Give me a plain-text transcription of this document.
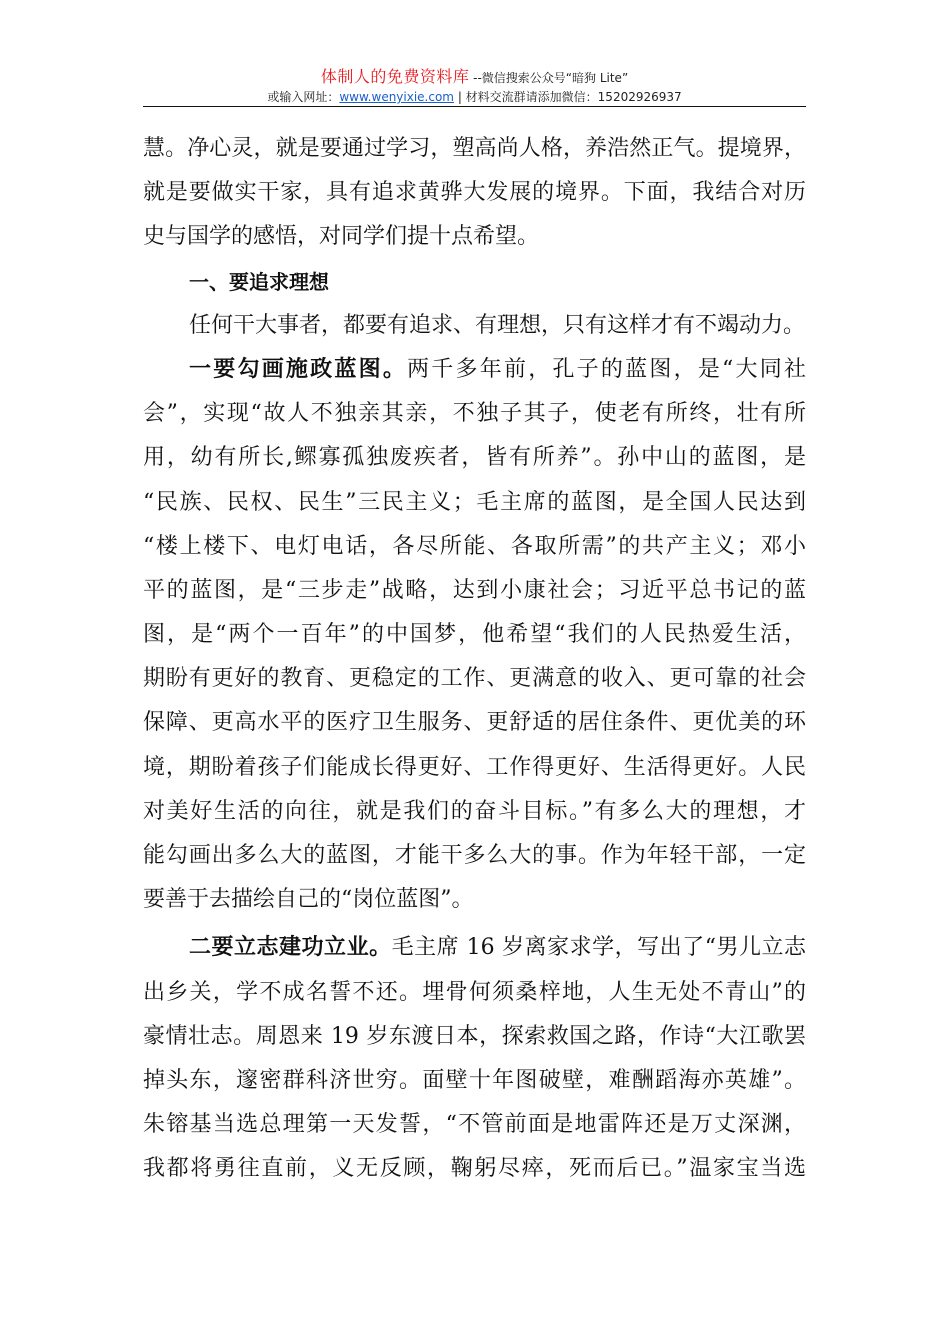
体制人的免费资料库 --微信搜索公众号“暗狗 Lite”
或输入网址：www.wenyixie.com | 材料交流群请添加微信：15202926937
慧。净心灵，就是要通过学习，塑高尚人格，养浩然正气。提境界，
就是要做实干家，具有追求黄骅大发展的境界。下面，我结合对历
史与国学的感悟，对同学们提十点希望。
一、要追求理想
任何干大事者，都要有追求、有理想，只有这样才有不竭动力。
一要勾画施政蓝图。两千多年前，孔子的蓝图，是“大同社
会”，实现“故人不独亲其亲，不独子其子，使老有所终，壮有所
用，幼有所长,鳏寡孤独废疾者，皆有所养”。孙中山的蓝图，是
“民族、民权、民生”三民主义；毛主席的蓝图，是全国人民达到
“楼上楼下、电灯电话，各尽所能、各取所需”的共产主义；邓小
平的蓝图，是“三步走”战略，达到小康社会；习近平总书记的蓝
图，是“两个一百年”的中国梦，他希望“我们的人民热爱生活，
期盼有更好的教育、更稳定的工作、更满意的收入、更可靠的社会
保障、更高水平的医疗卫生服务、更舒适的居住条件、更优美的环
境，期盼着孩子们能成长得更好、工作得更好、生活得更好。人民
对美好生活的向往，就是我们的奋斗目标。”有多么大的理想，才
能勾画出多么大的蓝图，才能干多么大的事。作为年轻干部，一定
要善于去描绘自己的“岗位蓝图”。
二要立志建功立业。毛主席 16 岁离家求学，写出了“男儿立志
出乡关，学不成名誓不还。埋骨何须桑梓地，人生无处不青山”的
豪情壮志。周恩来 19 岁东渡日本，探索救国之路，作诗“大江歌罢
掉头东，邃密群科济世穷。面壁十年图破壁，难酬蹈海亦英雄”。
朱镕基当选总理第一天发誓，“不管前面是地雷阵还是万丈深渊，
我都将勇往直前，义无反顾，鞠躬尽瘁，死而后已。”温家宝当选
